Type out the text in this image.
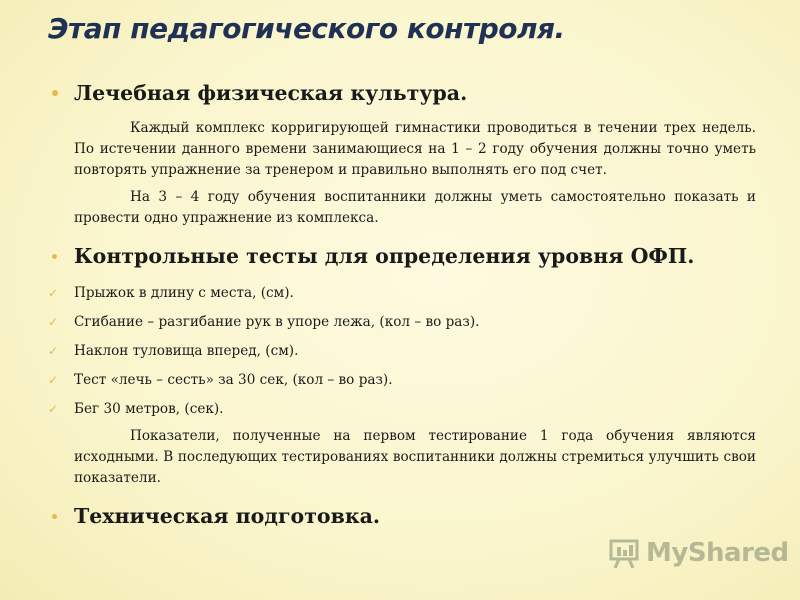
Этап педагогического контроля.
Лечебная физическая культура.

Каждый комплекс корригирующей гимнастики проводиться в течении трех недель. По истечении данного времени занимающиеся на 1 – 2 году обучения должны точно уметь повторять упражнение за тренером и правильно выполнять его под счет.

На 3 – 4 году обучения воспитанники должны уметь самостоятельно показать и провести одно упражнение из комплекса.

Контрольные тесты для определения уровня ОФП.
✓ Прыжок в длину с места, (см).
✓ Сгибание – разгибание рук в упоре лежа, (кол – во раз).
✓ Наклон туловища вперед, (см).
✓ Тест «лечь – сесть» за 30 сек, (кол – во раз).
✓ Бег 30 метров, (сек).

Показатели, полученные на первом тестирование 1 года обучения являются исходными. В последующих тестированиях воспитанники должны стремиться улучшить свои показатели.

Техническая подготовка.
MyShared
